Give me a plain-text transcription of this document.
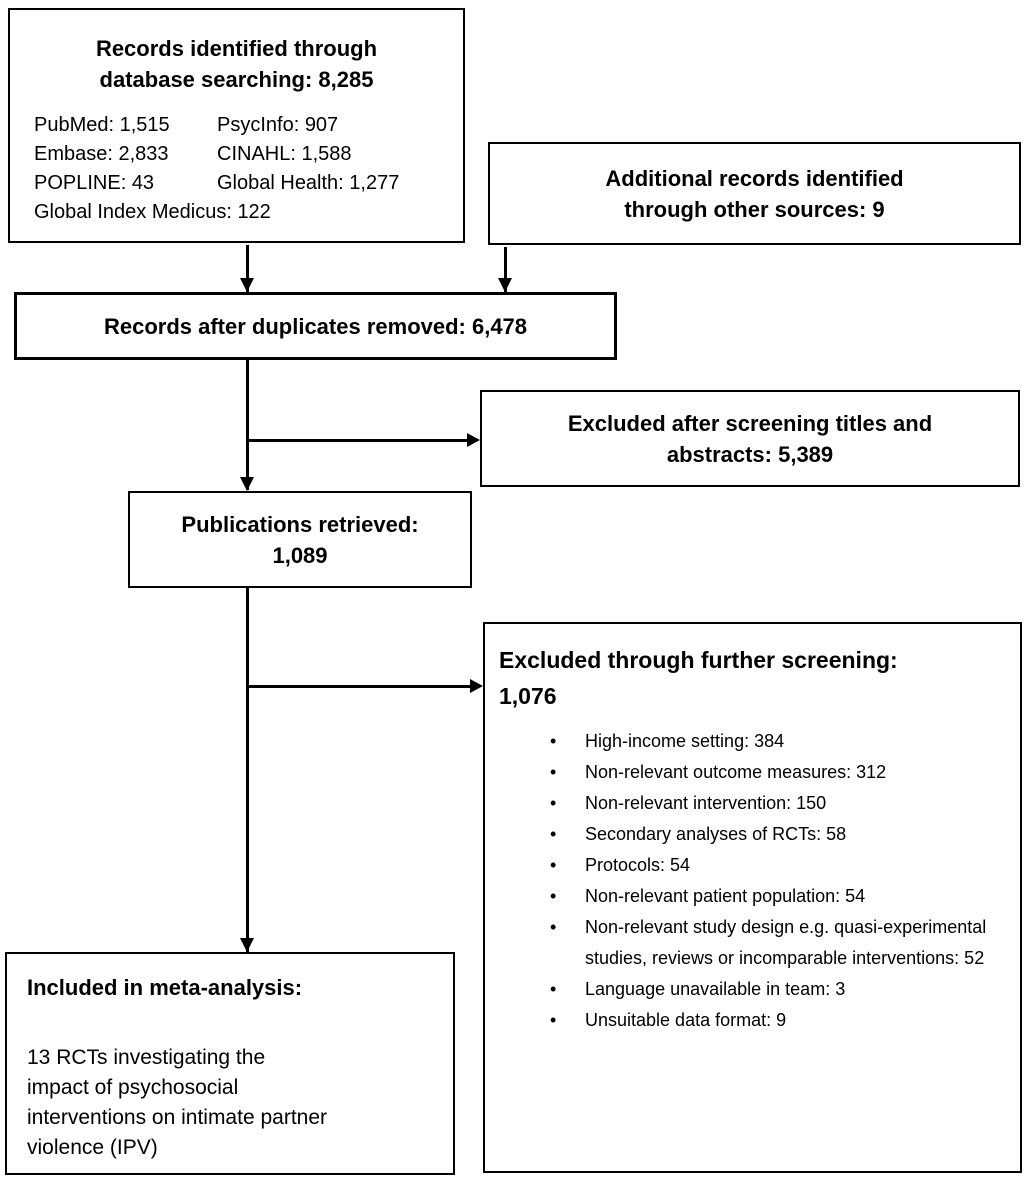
Records identified through
database searching: 8,285
PubMed: 1,515 PsycInfo: 907
Embase: 2,833 CINAHL: 1,588
POPLINE: 43	Global Health: 1,277
Global Index Medicus: 122
Additional records identified
through other sources: 9
Records after duplicates removed: 6,478
Excluded after screening titles and
abstracts: 5,389
Publications retrieved:
1,089
Excluded through further screening:
1,076
• High-income setting: 384
• Non-relevant outcome measures: 312
• Non-relevant intervention: 150
• Secondary analyses of RCTs: 58
• Protocols: 54
• Non-relevant patient population: 54
• Non-relevant study design e.g. quasi-experimental studies, reviews or incomparable interventions: 52
• Language unavailable in team: 3
• Unsuitable data format: 9
Included in meta-analysis:
13 RCTs investigating the
impact of psychosocial
interventions on intimate partner
violence (IPV)
